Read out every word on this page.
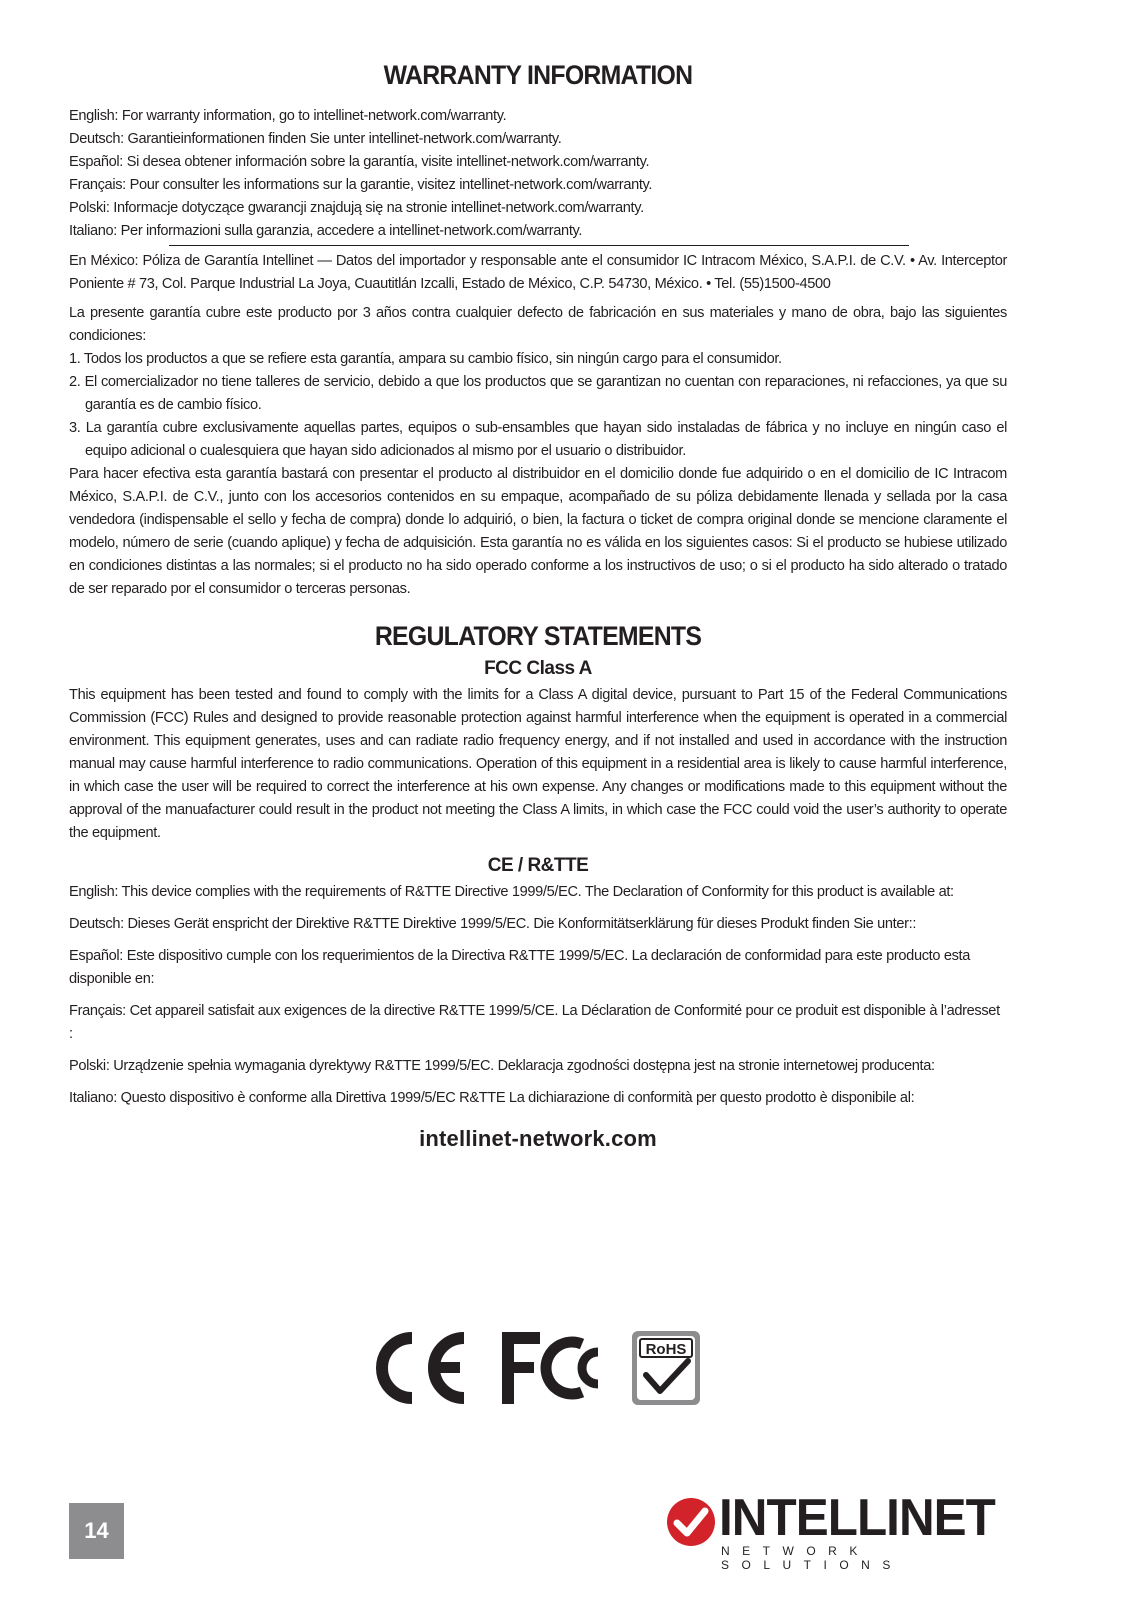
WARRANTY INFORMATION
English: For warranty information, go to intellinet-network.com/warranty.
Deutsch: Garantieinformationen finden Sie unter intellinet-network.com/warranty.
Español: Si desea obtener información sobre la garantía, visite intellinet-network.com/warranty.
Français: Pour consulter les informations sur la garantie, visitez intellinet-network.com/warranty.
Polski: Informacje dotyczące gwarancji znajdują się na stronie intellinet-network.com/warranty.
Italiano: Per informazioni sulla garanzia, accedere a intellinet-network.com/warranty.

En México: Póliza de Garantía Intellinet — Datos del importador y responsable ante el consumidor IC Intracom México, S.A.P.I. de C.V. • Av. Interceptor Poniente # 73, Col. Parque Industrial La Joya, Cuautitlán Izcalli, Estado de México, C.P. 54730, México. • Tel. (55)1500-4500

La presente garantía cubre este producto por 3 años contra cualquier defecto de fabricación en sus materiales y mano de obra, bajo las siguientes condiciones:

1. Todos los productos a que se refiere esta garantía, ampara su cambio físico, sin ningún cargo para el consumidor.

2. El comercializador no tiene talleres de servicio, debido a que los productos que se garantizan no cuentan con reparaciones, ni refacciones, ya que su garantía es de cambio físico.

3. La garantía cubre exclusivamente aquellas partes, equipos o sub-ensambles que hayan sido instaladas de fábrica y no incluye en ningún caso el equipo adicional o cualesquiera que hayan sido adicionados al mismo por el usuario o distribuidor.

Para hacer efectiva esta garantía bastará con presentar el producto al distribuidor en el domicilio donde fue adquirido o en el domicilio de IC Intracom México, S.A.P.I. de C.V., junto con los accesorios contenidos en su empaque, acompañado de su póliza debidamente llenada y sellada por la casa vendedora (indispensable el sello y fecha de compra) donde lo adquirió, o bien, la factura o ticket de compra original donde se mencione claramente el modelo, número de serie (cuando aplique) y fecha de adquisición. Esta garantía no es válida en los siguientes casos: Si el producto se hubiese utilizado en condiciones distintas a las normales; si el producto no ha sido operado conforme a los instructivos de uso; o si el producto ha sido alterado o tratado de ser reparado por el consumidor o terceras personas.

REGULATORY STATEMENTS
FCC Class A

This equipment has been tested and found to comply with the limits for a Class A digital device, pursuant to Part 15 of the Federal Communications Commission (FCC) Rules and designed to provide reasonable protection against harmful interference when the equipment is operated in a commercial environment. This equipment generates, uses and can radiate radio frequency energy, and if not installed and used in accordance with the instruction manual may cause harmful interference to radio communications. Operation of this equipment in a residential area is likely to cause harmful interference, in which case the user will be required to correct the interference at his own expense. Any changes or modifications made to this equipment without the approval of the manuafacturer could result in the product not meeting the Class A limits, in which case the FCC could void the user’s authority to operate the equipment.

CE / R&TTE

English: This device complies with the requirements of R&TTE Directive 1999/5/EC. The Declaration of Conformity for this product is available at:

Deutsch: Dieses Gerät enspricht der Direktive R&TTE Direktive 1999/5/EC. Die Konformitätserklärung für dieses Produkt finden Sie unter::

Español: Este dispositivo cumple con los requerimientos de la Directiva R&TTE 1999/5/EC. La declaración de conformidad para este producto esta disponible en:

Français: Cet appareil satisfait aux exigences de la directive R&TTE 1999/5/CE. La Déclaration de Conformité pour ce produit est disponible à l’adresset :

Polski: Urządzenie spełnia wymagania dyrektywy R&TTE 1999/5/EC. Deklaracja zgodności dostępna jest na stronie internetowej producenta:

Italiano: Questo dispositivo è conforme alla Direttiva 1999/5/EC R&TTE La dichiarazione di conformità per questo prodotto è disponibile al:

intellinet-network.com
RoHS
14	INTELLINET
NETWORK SOLUTIONS
